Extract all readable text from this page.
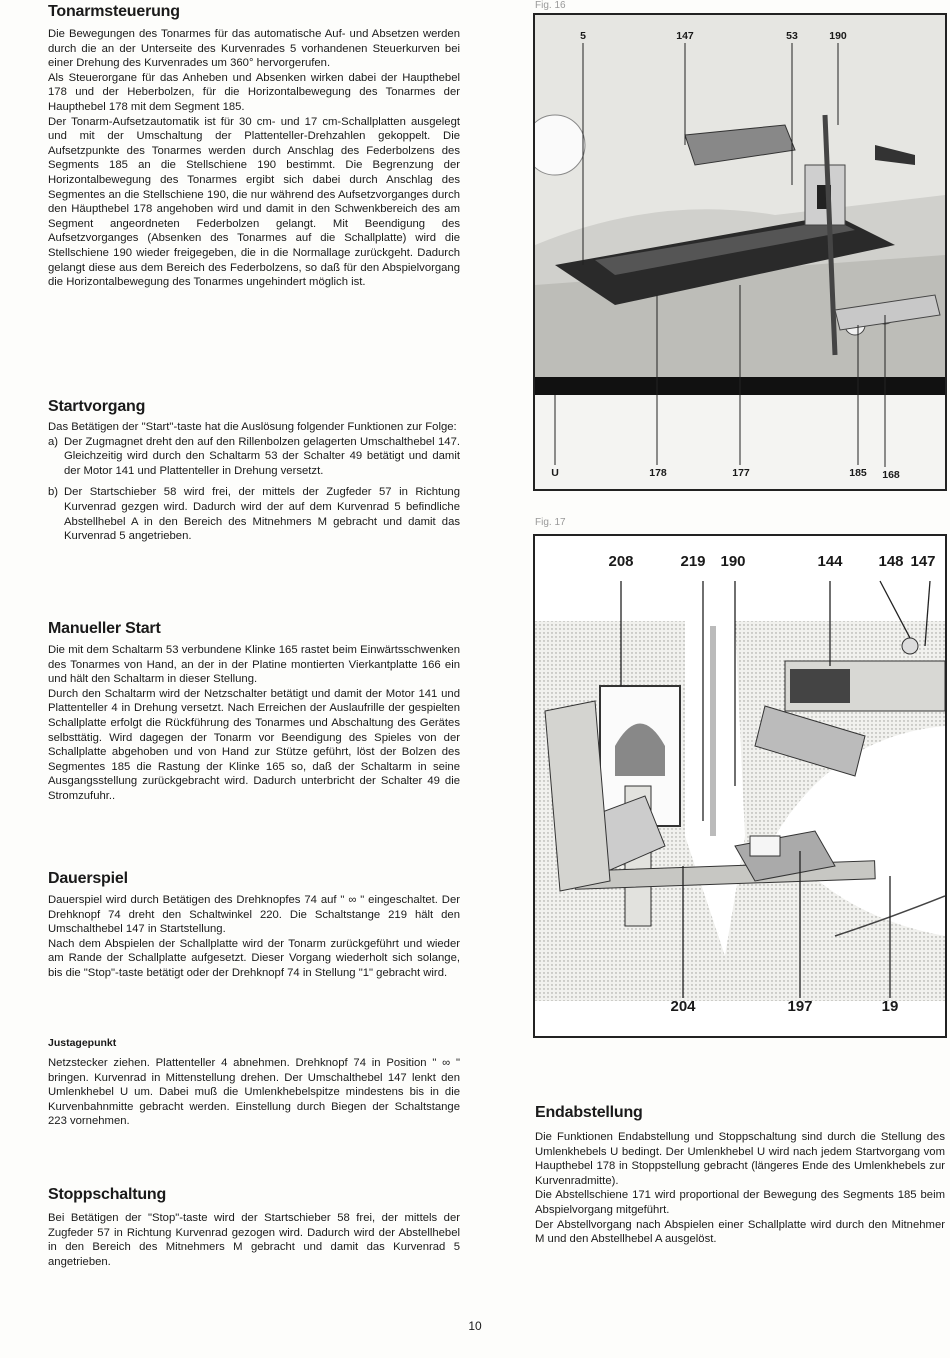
Tonarmsteuerung

Die Bewegungen des Tonarmes für das automatische Auf- und Absetzen werden durch die an der Unterseite des Kurvenrades 5 vorhandenen Steuerkurven bei einer Drehung des Kurvenrades um 360° hervorgerufen.

Als Steuerorgane für das Anheben und Absenken wirken dabei der Haupthebel 178 und der Heberbolzen, für die Horizontalbewegung des Tonarmes der Haupthebel 178 mit dem Segment 185.

Der Tonarm-Aufsetzautomatik ist für 30 cm- und 17 cm-Schallplatten ausgelegt und mit der Umschaltung der Plattenteller-Drehzahlen gekoppelt. Die Aufsetzpunkte des Tonarmes werden durch Anschlag des Federbolzens des Segments 185 an die Stellschiene 190 bestimmt. Die Begrenzung der Horizontalbewegung des Tonarmes ergibt sich dabei durch Anschlag des Segmentes an die Stellschiene 190, die nur während des Aufsetzvorganges durch den Häupthebel 178 angehoben wird und damit in den Schwenkbereich des am Segment angeordneten Federbolzen gelangt. Mit Beendigung des Aufsetzvorganges (Absenken des Tonarmes auf die Schallplatte) wird die Stellschiene 190 wieder freigegeben, die in die Normallage zurückgeht. Dadurch gelangt diese aus dem Bereich des Federbolzens, so daß für den Abspielvorgang die Horizontalbewegung des Tonarmes ungehindert möglich ist.

Startvorgang

Das Betätigen der "Start"-taste hat die Auslösung folgender Funktionen zur Folge:

a) Der Zugmagnet dreht den auf den Rillenbolzen gelagerten Umschalthebel 147. Gleichzeitig wird durch den Schaltarm 53 der Schalter 49 betätigt und damit der Motor 141 und Plattenteller in Drehung versetzt.
b) Der Startschieber 58 wird frei, der mittels der Zugfeder 57 in Richtung Kurvenrad gezgen wird. Dadurch wird der auf dem Kurvenrad 5 befindliche Abstellhebel A in den Bereich des Mitnehmers M gebracht und damit das Kurvenrad 5 angetrieben.
Manueller Start

Die mit dem Schaltarm 53 verbundene Klinke 165 rastet beim Einwärtsschwenken des Tonarmes von Hand, an der in der Platine montierten Vierkantplatte 166 ein und hält den Schaltarm in dieser Stellung.

Durch den Schaltarm wird der Netzschalter betätigt und damit der Motor 141 und Plattenteller 4 in Drehung versetzt. Nach Erreichen der Auslaufrille der gespielten Schallplatte erfolgt die Rückführung des Tonarmes und Abschaltung des Gerätes selbsttätig. Wird dagegen der Tonarm vor Beendigung des Spieles von der Schallplatte abgehoben und von Hand zur Stütze geführt, löst der Bolzen des Segmentes 185 die Rastung der Klinke 165 so, daß der Schaltarm in seine Ausgangsstellung zurückgebracht wird. Dadurch unterbricht der Schalter 49 die Stromzufuhr..

Dauerspiel

Dauerspiel wird durch Betätigen des Drehknopfes 74 auf " ∞ " eingeschaltet. Der Drehknopf 74 dreht den Schaltwinkel 220. Die Schaltstange 219 hält den Umschalthebel 147 in Startstellung.

Nach dem Abspielen der Schallplatte wird der Tonarm zurückgeführt und wieder am Rande der Schallplatte aufgesetzt. Dieser Vorgang wiederholt sich solange, bis die "Stop"-taste betätigt oder der Drehknopf 74 in Stellung "1" gebracht wird.

Justagepunkt

Netzstecker ziehen. Plattenteller 4 abnehmen. Drehknopf 74 in Position " ∞ " bringen. Kurvenrad in Mittenstellung drehen. Der Umschalthebel 147 lenkt den Umlenkhebel U um. Dabei muß die Umlenkhebelspitze mindestens bis in die Kurvenbahnmitte gebracht werden. Einstellung durch Biegen der Schaltstange 223 vornehmen.

Stoppschaltung

Bei Betätigen der "Stop"-taste wird der Startschieber 58 frei, der mittels der Zugfeder 57 in Richtung Kurvenrad gezogen wird. Dadurch wird der Abstellhebel in den Bereich des Mitnehmers M gebracht und damit das Kurvenrad 5 angetrieben.

Fig. 16
5	147	53	190
U	178	177	185	168
Fig. 17
208	219 190	144	148 147
204	197	19
Endabstellung

Die Funktionen Endabstellung und Stoppschaltung sind durch die Stellung des Umlenkhebels U bedingt. Der Umlenkhebel U wird nach jedem Startvorgang vom Haupthebel 178 in Stoppstellung gebracht (längeres Ende des Umlenkhebels zur Kurvenradmitte).

Die Abstellschiene 171 wird proportional der Bewegung des Segments 185 beim Abspielvorgang mitgeführt.

Der Abstellvorgang nach Abspielen einer Schallplatte wird durch den Mitnehmer M und den Abstellhebel A ausgelöst.

10
